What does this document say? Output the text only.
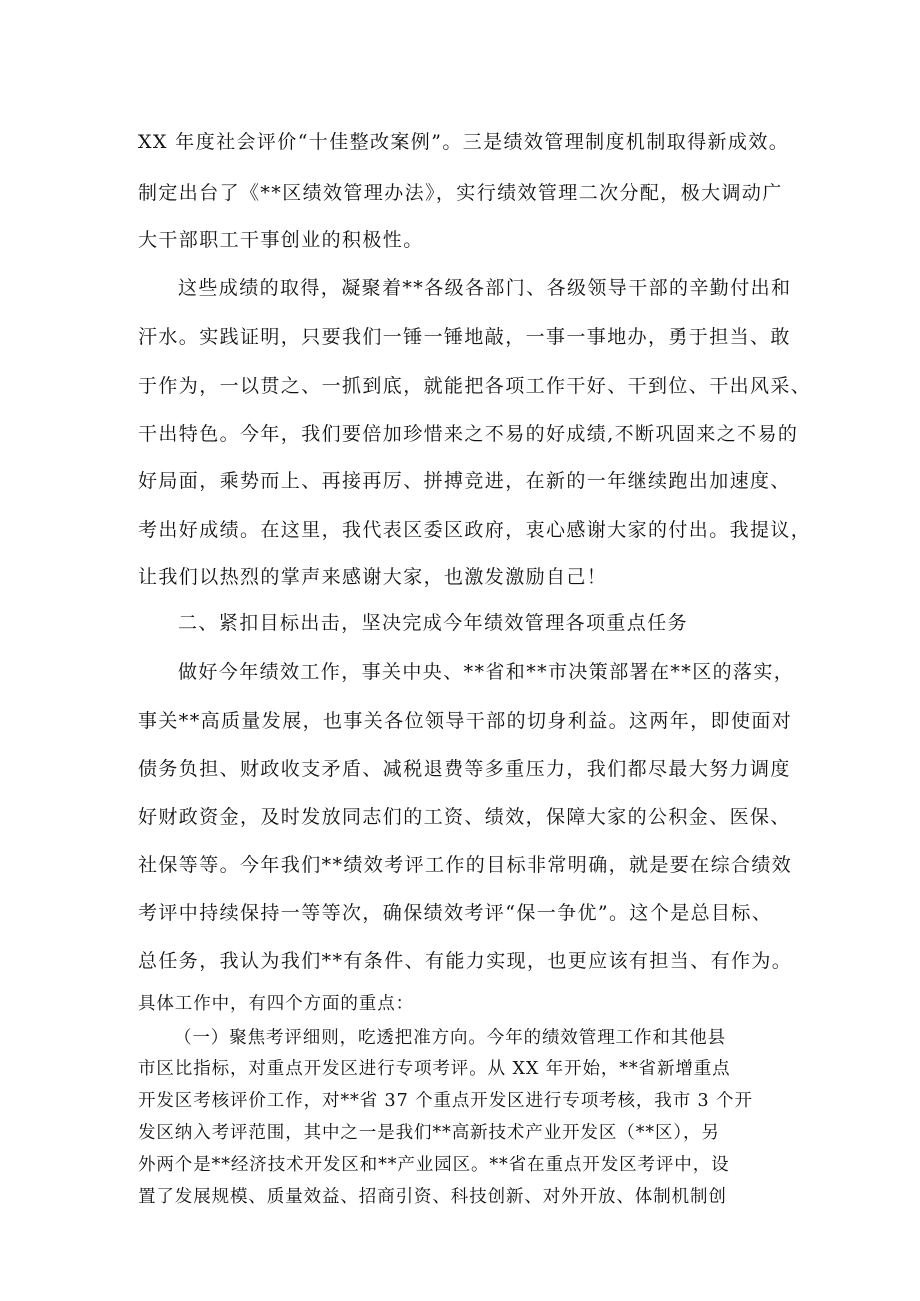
XX 年度社会评价“十佳整改案例”。三是绩效管理制度机制取得新成效。
制定出台了《**区绩效管理办法》，实行绩效管理二次分配，极大调动广
大干部职工干事创业的积极性。
这些成绩的取得，凝聚着**各级各部门、各级领导干部的辛勤付出和
汗水。实践证明，只要我们一锤一锤地敲，一事一事地办，勇于担当、敢
于作为，一以贯之、一抓到底，就能把各项工作干好、干到位、干出风采、
干出特色。今年，我们要倍加珍惜来之不易的好成绩,不断巩固来之不易的
好局面，乘势而上、再接再厉、拼搏竞进，在新的一年继续跑出加速度、
考出好成绩。在这里，我代表区委区政府，衷心感谢大家的付出。我提议，
让我们以热烈的掌声来感谢大家，也激发激励自己！
二、紧扣目标出击，坚决完成今年绩效管理各项重点任务
做好今年绩效工作，事关中央、**省和**市决策部署在**区的落实，
事关**高质量发展，也事关各位领导干部的切身利益。这两年，即使面对
债务负担、财政收支矛盾、减税退费等多重压力，我们都尽最大努力调度
好财政资金，及时发放同志们的工资、绩效，保障大家的公积金、医保、
社保等等。今年我们**绩效考评工作的目标非常明确，就是要在综合绩效
考评中持续保持一等等次，确保绩效考评“保一争优”。这个是总目标、
总任务，我认为我们**有条件、有能力实现，也更应该有担当、有作为。
具体工作中，有四个方面的重点：
（一）聚焦考评细则，吃透把准方向。今年的绩效管理工作和其他县
市区比指标，对重点开发区进行专项考评。从 XX 年开始，**省新增重点
开发区考核评价工作，对**省 37 个重点开发区进行专项考核，我市 3 个开
发区纳入考评范围，其中之一是我们**高新技术产业开发区（**区），另
外两个是**经济技术开发区和**产业园区。**省在重点开发区考评中，设
置了发展规模、质量效益、招商引资、科技创新、对外开放、体制机制创
